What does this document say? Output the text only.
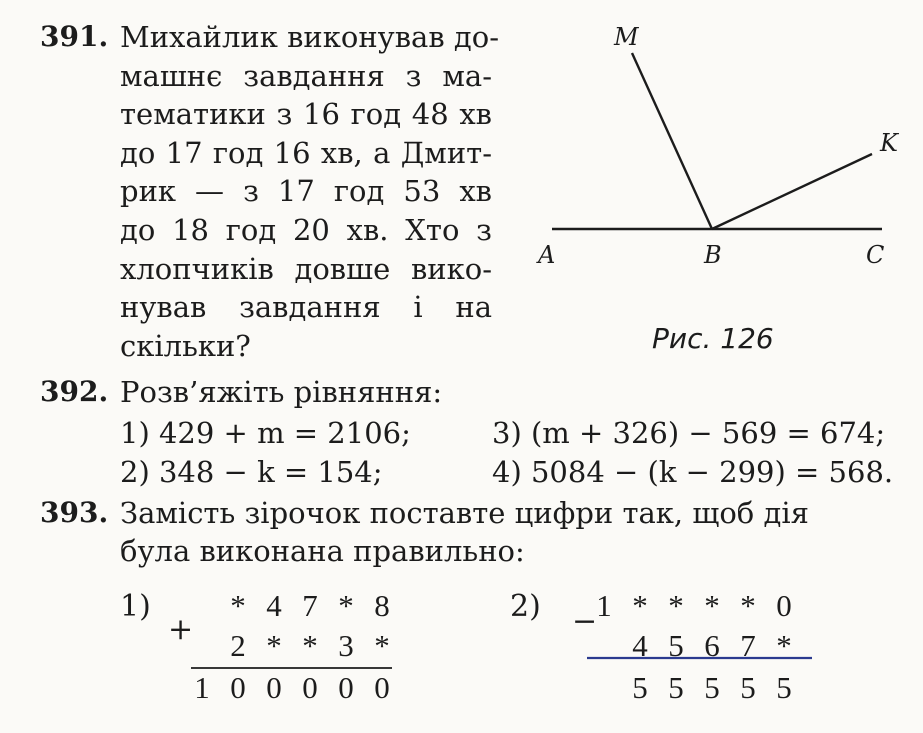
391. Михайлик виконував до-
машнє завдання з ма-
тематики з 16 год 48 хв
до 17 год 16 хв, а Дмит-
рик — з 17 год 53 хв
до 18 год 20 хв. Хто з
хлопчиків довше вико-
нував завдання і на
скільки?
M
K
A	B	C
Рис. 126
392. Розв’яжіть рівняння:
1) 429 + m = 2106;
2) 348 − k = 154;
3) (m + 326) − 569 = 674;
4) 5084 − (k − 299) = 568.
393. Замість зірочок поставте цифри так, щоб дія
була виконана правильно:
1)
+
* 4 7 * 8
2 * * 3 *
1 0 0 0 0 0
2) − 1 * * * * 0
4 5 6 7 *
5 5 5 5 5
